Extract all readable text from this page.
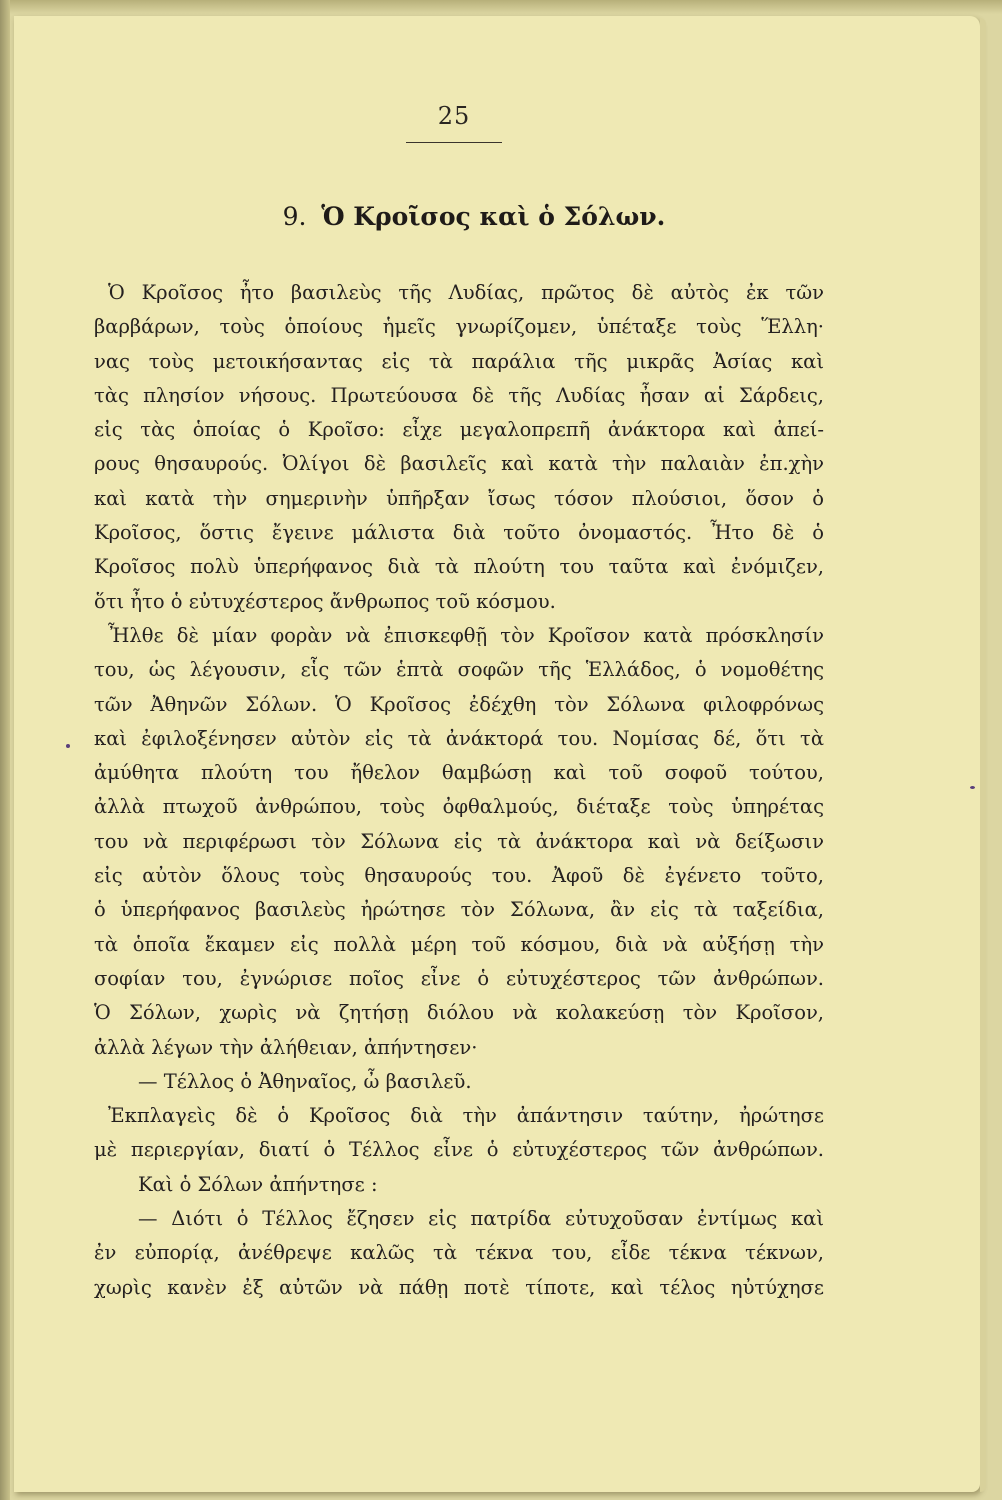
25
9. Ὁ Κροῖσος καὶ ὁ Σόλων.
Ὁ Κροῖσος ἦτο βασιλεὺς τῆς Λυδίας, πρῶτος δὲ αὐτὸς ἐκ τῶν
βαρβάρων, τοὺς ὁποίους ἡμεῖς γνωρίζομεν, ὑπέταξε τοὺς Ἕλλη·
νας τοὺς μετοικήσαντας εἰς τὰ παράλια τῆς μικρᾶς Ἀσίας καὶ
τὰς πλησίον νήσους. Πρωτεύουσα δὲ τῆς Λυδίας ἦσαν αἱ Σάρδεις,
εἰς τὰς ὁποίας ὁ Κροῖσο: εἶχε μεγαλοπρεπῆ ἀνάκτορα καὶ ἀπεί-
ρους θησαυρούς. Ὀλίγοι δὲ βασιλεῖς καὶ κατὰ τὴν παλαιὰν ἐπ.χὴν
καὶ κατὰ τὴν σημερινὴν ὑπῆρξαν ἴσως τόσον πλούσιοι, ὅσον ὁ
Κροῖσος, ὅστις ἔγεινε μάλιστα διὰ τοῦτο ὀνομαστός. Ἦτο δὲ ὁ
Κροῖσος πολὺ ὑπερήφανος διὰ τὰ πλούτη του ταῦτα καὶ ἐνόμιζεν,
ὅτι ἦτο ὁ εὐτυχέστερος ἄνθρωπος τοῦ κόσμου.
Ἦλθε δὲ μίαν φορὰν νὰ ἐπισκεφθῇ τὸν Κροῖσον κατὰ πρόσκλησίν
του, ὡς λέγουσιν, εἷς τῶν ἑπτὰ σοφῶν τῆς Ἑλλάδος, ὁ νομοθέτης
τῶν Ἀθηνῶν Σόλων. Ὁ Κροῖσος ἐδέχθη τὸν Σόλωνα φιλοφρόνως
καὶ ἐφιλοξένησεν αὐτὸν εἰς τὰ ἀνάκτορά του. Νομίσας δέ, ὅτι τὰ
ἀμύθητα πλούτη του ἤθελον θαμβώσῃ καὶ τοῦ σοφοῦ τούτου,
ἀλλὰ πτωχοῦ ἀνθρώπου, τοὺς ὀφθαλμούς, διέταξε τοὺς ὑπηρέτας
του νὰ περιφέρωσι τὸν Σόλωνα εἰς τὰ ἀνάκτορα καὶ νὰ δείξωσιν
εἰς αὐτὸν ὅλους τοὺς θησαυρούς του. Ἀφοῦ δὲ ἐγένετο τοῦτο,
ὁ ὑπερήφανος βασιλεὺς ἠρώτησε τὸν Σόλωνα, ἂν εἰς τὰ ταξείδια,
τὰ ὁποῖα ἔκαμεν εἰς πολλὰ μέρη τοῦ κόσμου, διὰ νὰ αὐξήσῃ τὴν
σοφίαν του, ἐγνώρισε ποῖος εἶνε ὁ εὐτυχέστερος τῶν ἀνθρώπων.
Ὁ Σόλων, χωρὶς νὰ ζητήσῃ διόλου νὰ κολακεύσῃ τὸν Κροῖσον,
ἀλλὰ λέγων τὴν ἀλήθειαν, ἀπήντησεν·
— Τέλλος ὁ Ἀθηναῖος, ὦ βασιλεῦ.
Ἐκπλαγεὶς δὲ ὁ Κροῖσος διὰ τὴν ἀπάντησιν ταύτην, ἠρώτησε
μὲ περιεργίαν, διατί ὁ Τέλλος εἶνε ὁ εὐτυχέστερος τῶν ἀνθρώπων.
Καὶ ὁ Σόλων ἀπήντησε :
— Διότι ὁ Τέλλος ἔζησεν εἰς πατρίδα εὐτυχοῦσαν ἐντίμως καὶ
ἐν εὐπορίᾳ, ἀνέθρεψε καλῶς τὰ τέκνα του, εἶδε τέκνα τέκνων,
χωρὶς κανὲν ἐξ αὐτῶν νὰ πάθῃ ποτὲ τίποτε, καὶ τέλος ηὐτύχησε
